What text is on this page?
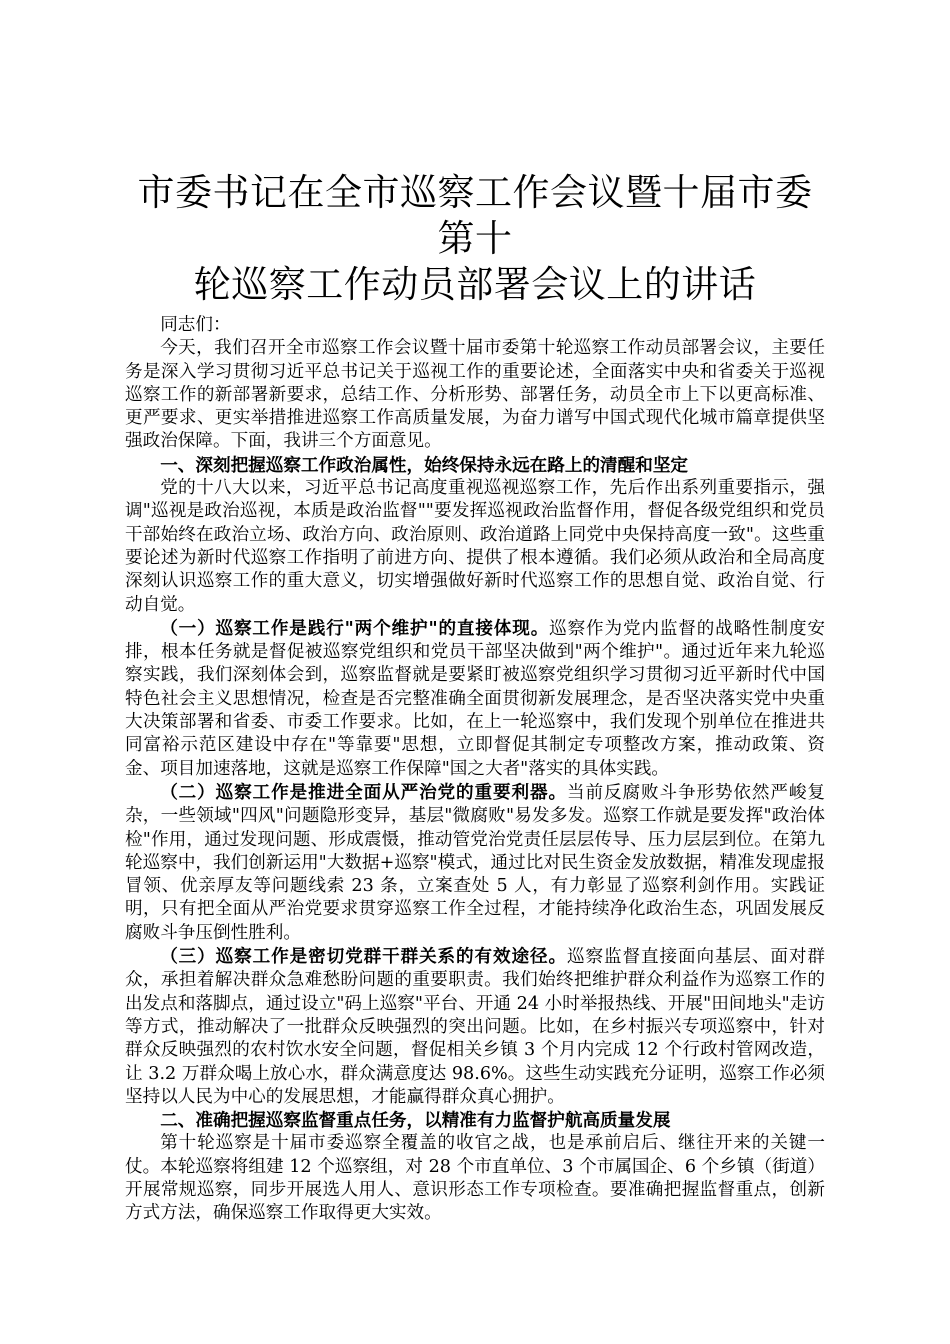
市委书记在全市巡察工作会议暨十届市委第十
轮巡察工作动员部署会议上的讲话

同志们：

今天，我们召开全市巡察工作会议暨十届市委第十轮巡察工作动员部署会议，主要任务是深入学习贯彻习近平总书记关于巡视工作的重要论述，全面落实中央和省委关于巡视巡察工作的新部署新要求，总结工作、分析形势、部署任务，动员全市上下以更高标准、更严要求、更实举措推进巡察工作高质量发展，为奋力谱写中国式现代化城市篇章提供坚强政治保障。下面，我讲三个方面意见。

一、深刻把握巡察工作政治属性，始终保持永远在路上的清醒和坚定

党的十八大以来，习近平总书记高度重视巡视巡察工作，先后作出系列重要指示，强调"巡视是政治巡视，本质是政治监督""要发挥巡视政治监督作用，督促各级党组织和党员干部始终在政治立场、政治方向、政治原则、政治道路上同党中央保持高度一致"。这些重要论述为新时代巡察工作指明了前进方向、提供了根本遵循。我们必须从政治和全局高度深刻认识巡察工作的重大意义，切实增强做好新时代巡察工作的思想自觉、政治自觉、行动自觉。

（一）巡察工作是践行"两个维护"的直接体现。巡察作为党内监督的战略性制度安排，根本任务就是督促被巡察党组织和党员干部坚决做到"两个维护"。通过近年来九轮巡察实践，我们深刻体会到，巡察监督就是要紧盯被巡察党组织学习贯彻习近平新时代中国特色社会主义思想情况，检查是否完整准确全面贯彻新发展理念，是否坚决落实党中央重大决策部署和省委、市委工作要求。比如，在上一轮巡察中，我们发现个别单位在推进共同富裕示范区建设中存在"等靠要"思想，立即督促其制定专项整改方案，推动政策、资金、项目加速落地，这就是巡察工作保障"国之大者"落实的具体实践。

（二）巡察工作是推进全面从严治党的重要利器。当前反腐败斗争形势依然严峻复杂，一些领域"四风"问题隐形变异，基层"微腐败"易发多发。巡察工作就是要发挥"政治体检"作用，通过发现问题、形成震慑，推动管党治党责任层层传导、压力层层到位。在第九轮巡察中，我们创新运用"大数据+巡察"模式，通过比对民生资金发放数据，精准发现虚报冒领、优亲厚友等问题线索 23 条，立案查处 5 人，有力彰显了巡察利剑作用。实践证明，只有把全面从严治党要求贯穿巡察工作全过程，才能持续净化政治生态，巩固发展反腐败斗争压倒性胜利。

（三）巡察工作是密切党群干群关系的有效途径。巡察监督直接面向基层、面对群众，承担着解决群众急难愁盼问题的重要职责。我们始终把维护群众利益作为巡察工作的出发点和落脚点，通过设立"码上巡察"平台、开通 24 小时举报热线、开展"田间地头"走访等方式，推动解决了一批群众反映强烈的突出问题。比如，在乡村振兴专项巡察中，针对群众反映强烈的农村饮水安全问题，督促相关乡镇 3 个月内完成 12 个行政村管网改造，让 3.2 万群众喝上放心水，群众满意度达 98.6%。这些生动实践充分证明，巡察工作必须坚持以人民为中心的发展思想，才能赢得群众真心拥护。

二、准确把握巡察监督重点任务，以精准有力监督护航高质量发展

第十轮巡察是十届市委巡察全覆盖的收官之战，也是承前启后、继往开来的关键一仗。本轮巡察将组建 12 个巡察组，对 28 个市直单位、3 个市属国企、6 个乡镇（街道）开展常规巡察，同步开展选人用人、意识形态工作专项检查。要准确把握监督重点，创新方式方法，确保巡察工作取得更大实效。
